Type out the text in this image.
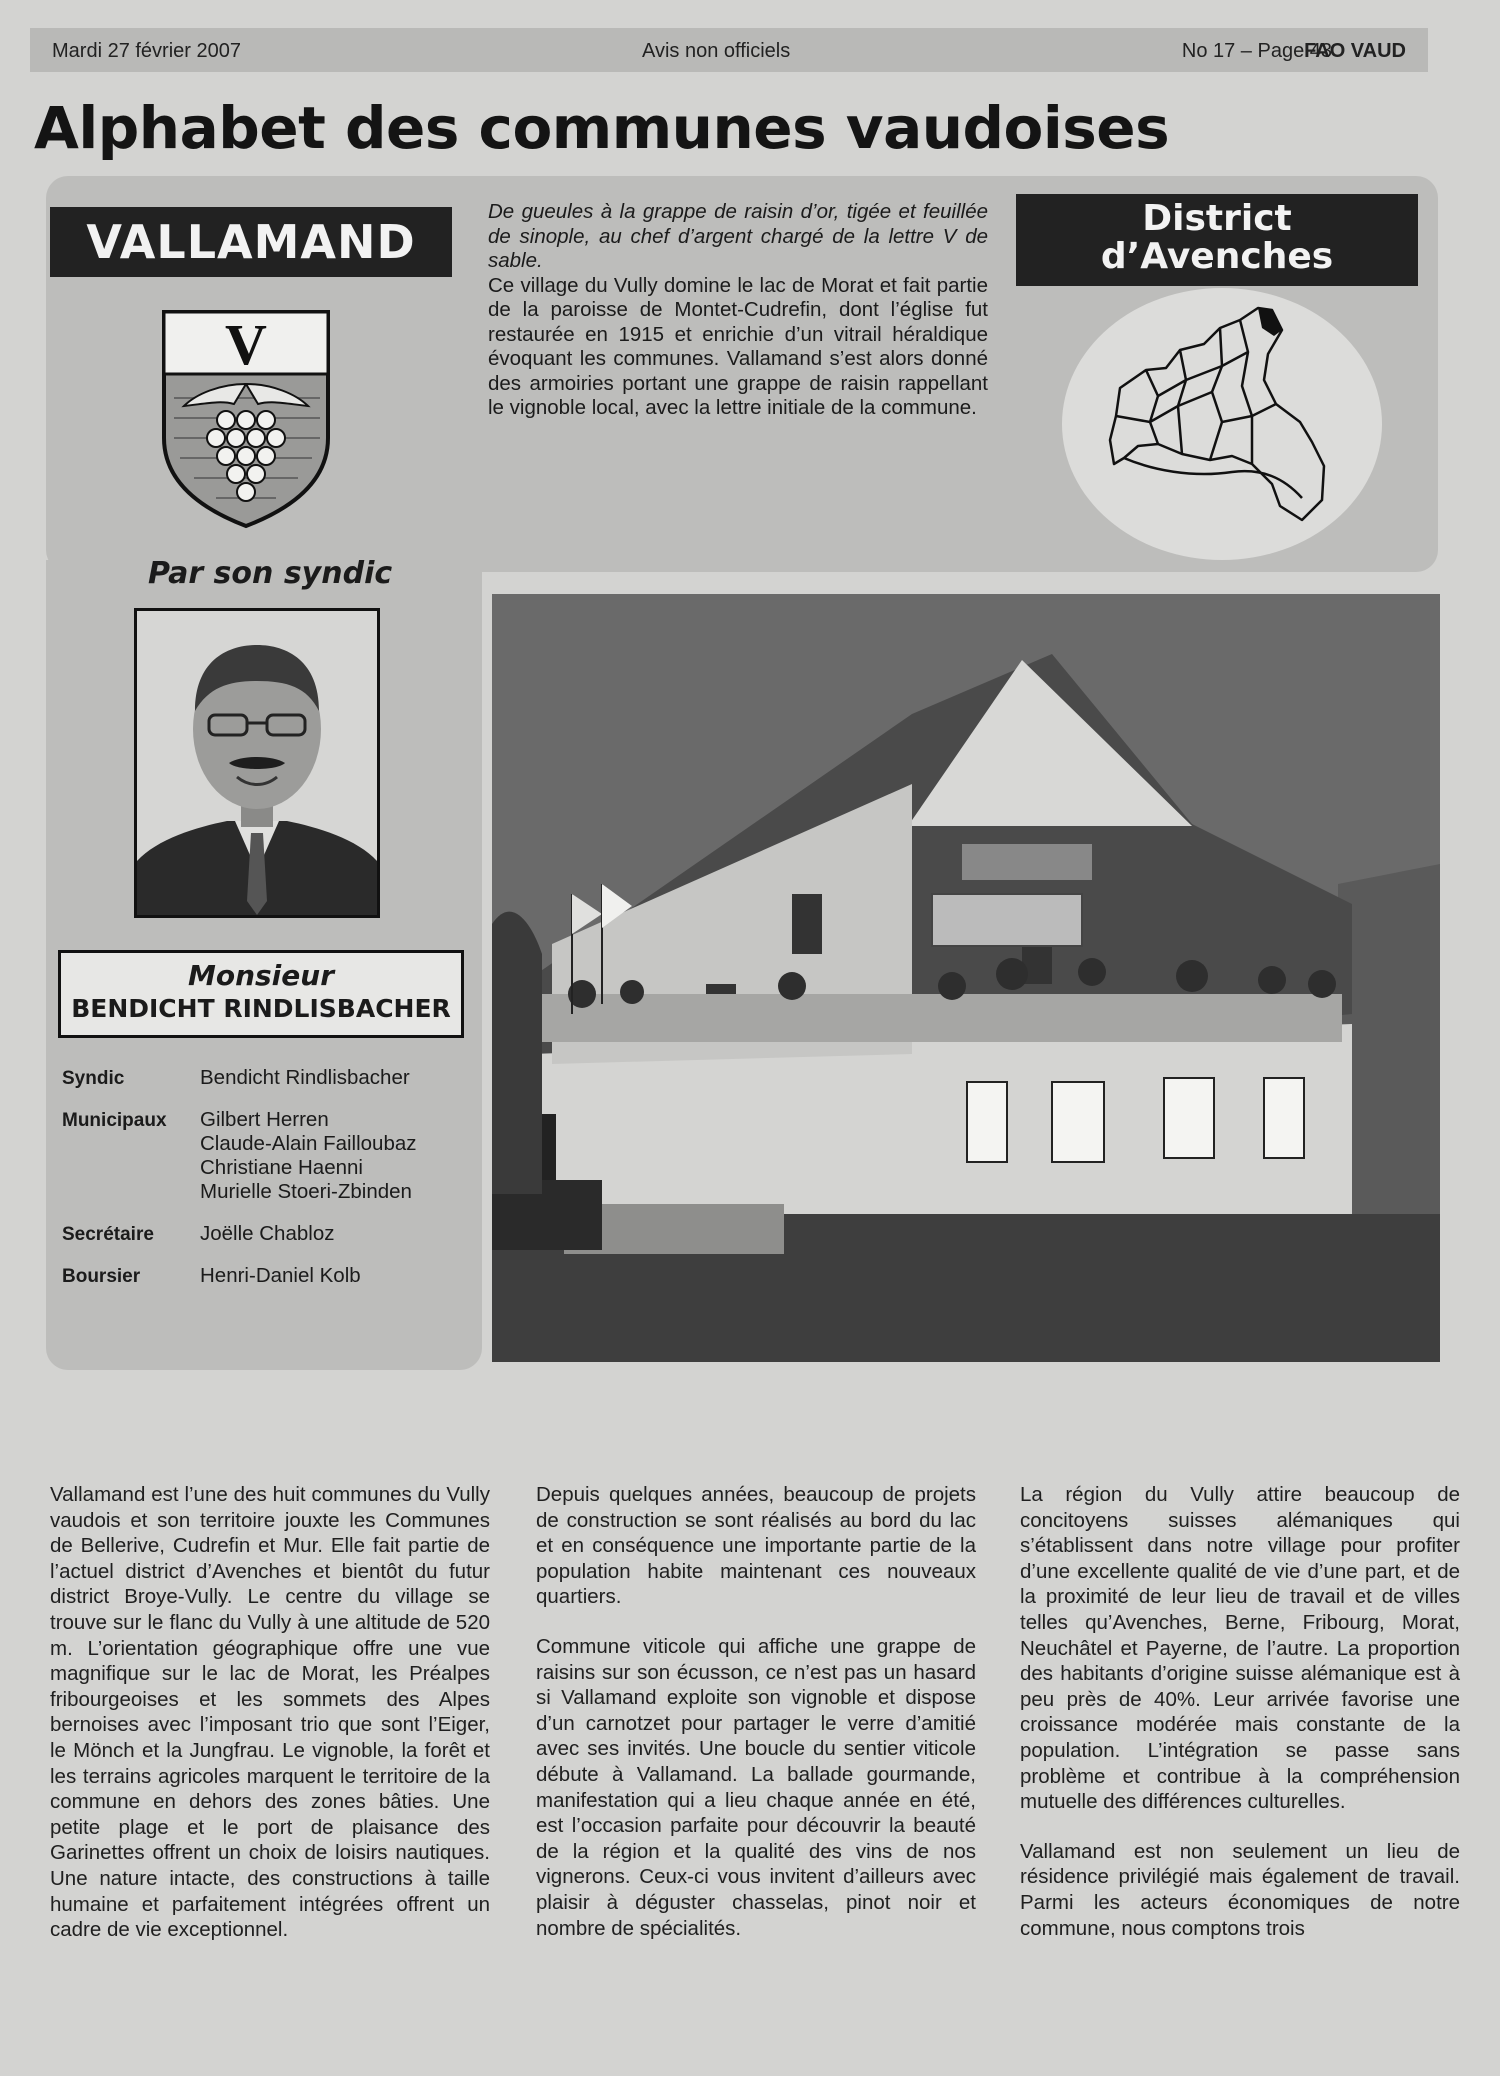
Mardi 27 février 2007	Avis non officiels	No 17 – Page 43
FAO VAUD
Alphabet des communes vaudoises
VALLAMAND
V

De gueules à la grappe de raisin d’or, tigée et feuillée de sinople, au chef d’argent chargé de la lettre V de sable.

Ce village du Vully domine le lac de Morat et fait partie de la paroisse de Montet-Cudrefin, dont l’église fut restaurée en 1915 et enrichie d’un vitrail héraldique évoquant les communes. Vallamand s’est alors donné des armoiries portant une grappe de raisin rappellant le vignoble local, avec la lettre initiale de la commune.

District
d’Avenches
Par son syndic
Monsieur
BENDICHT RINDLISBACHER
Syndic	Bendicht Rindlisbacher
Municipaux Gilbert Herren
Claude-Alain Failloubaz
Christiane Haenni
Murielle Stoeri-Zbinden
Secrétaire Joëlle Chabloz
Boursier	Henri-Daniel Kolb

Vallamand est l’une des huit communes du Vully vaudois et son territoire jouxte les Communes de Bellerive, Cudrefin et Mur. Elle fait partie de l’actuel district d’Avenches et bientôt du futur district Broye-Vully. Le centre du village se trouve sur le flanc du Vully à une altitude de 520 m. L’orientation géographique offre une vue magnifique sur le lac de Morat, les Préalpes fribourgeoises et les sommets des Alpes bernoises avec l’imposant trio que sont l’Eiger, le Mönch et la Jungfrau. Le vignoble, la forêt et les terrains agricoles marquent le territoire de la commune en dehors des zones bâties. Une petite plage et le port de plaisance des Garinettes offrent un choix de loisirs nautiques. Une nature intacte, des constructions à taille humaine et parfaitement intégrées offrent un cadre de vie exceptionnel.

Depuis quelques années, beaucoup de projets de construction se sont réalisés au bord du lac et en conséquence une importante partie de la population habite maintenant ces nouveaux quartiers.

Commune viticole qui affiche une grappe de raisins sur son écusson, ce n’est pas un hasard si Vallamand exploite son vignoble et dispose d’un carnotzet pour partager le verre d’amitié avec ses invités. Une boucle du sentier viticole débute à Vallamand. La ballade gourmande, manifestation qui a lieu chaque année en été, est l’occasion parfaite pour découvrir la beauté de la région et la qualité des vins de nos vignerons. Ceux-ci vous invitent d’ailleurs avec plaisir à déguster chasselas, pinot noir et nombre de spécialités.

La région du Vully attire beaucoup de concitoyens suisses alémaniques qui s’établissent dans notre village pour profiter d’une excellente qualité de vie d’une part, et de la proximité de leur lieu de travail et de villes telles qu’Avenches, Berne, Fribourg, Morat, Neuchâtel et Payerne, de l’autre. La proportion des habitants d’origine suisse alémanique est à peu près de 40%. Leur arrivée favorise une croissance modérée mais constante de la population. L’intégration se passe sans problème et contribue à la compréhension mutuelle des différences culturelles.

Vallamand est non seulement un lieu de résidence privilégié mais également de travail. Parmi les acteurs économiques de notre commune, nous comptons trois
